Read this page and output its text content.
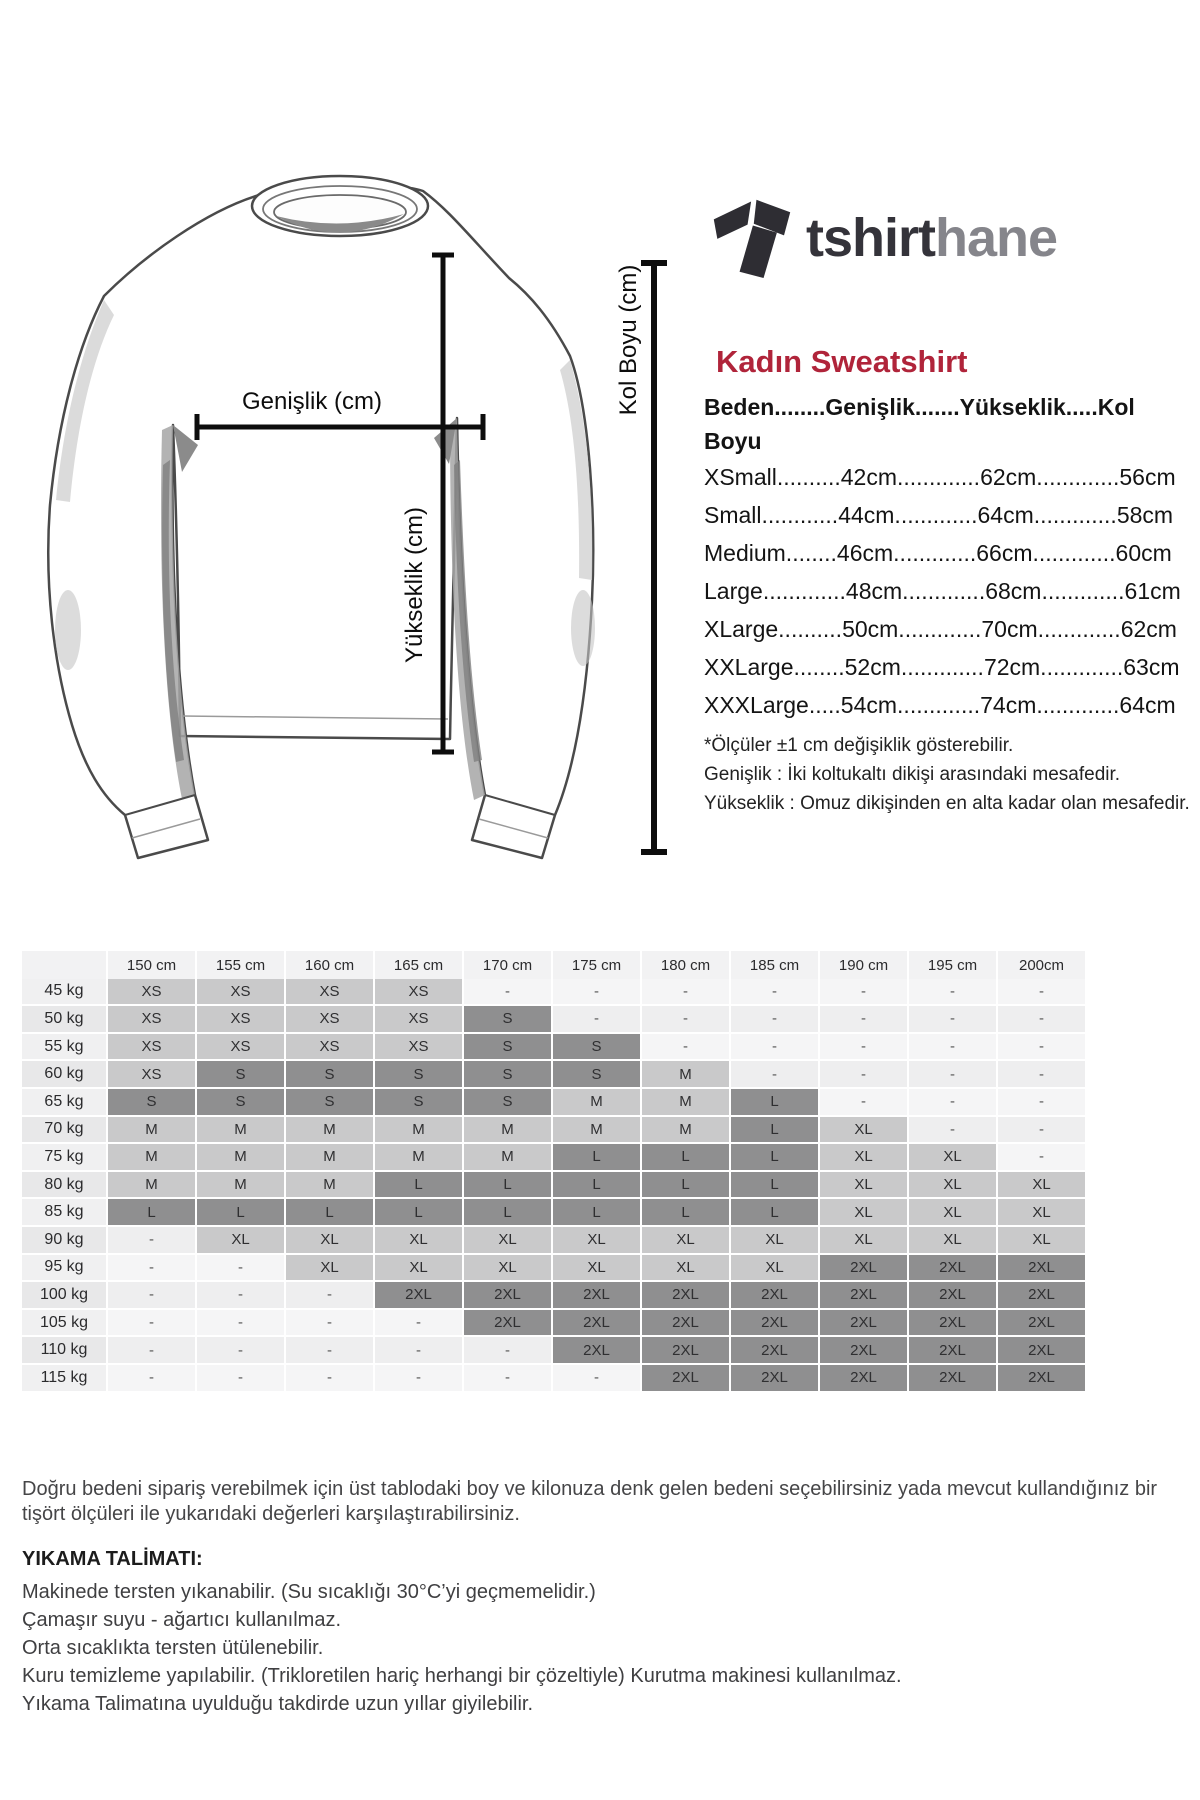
Genişlik (cm)
Yükseklik (cm)
Kol Boyu (cm)
tshirthane
Kadın Sweatshirt
Beden........Genişlik.......Yükseklik.....Kol Boyu
XSmall..........42cm.............62cm.............56cm
Small............44cm.............64cm.............58cm
Medium........46cm.............66cm.............60cm
Large.............48cm.............68cm.............61cm
XLarge..........50cm.............70cm.............62cm
XXLarge........52cm.............72cm.............63cm
XXXLarge.....54cm.............74cm.............64cm
*Ölçüler ±1 cm değişiklik gösterebilir.
Genişlik : İki koltukaltı dikişi arasındaki mesafedir.
Yükseklik : Omuz dikişinden en alta kadar olan mesafedir.
150 cm	155 cm	160 cm	165 cm	170 cm	175 cm	180 cm	185 cm	190 cm	195 cm	200cm
45 kg	XS	XS	XS	XS	-	-	-	-	-	-	-
50 kg	XS	XS	XS	XS	S	-	-	-	-	-	-
55 kg	XS	XS	XS	XS	S	S	-	-	-	-	-
60 kg	XS	S	S	S	S	S	M	-	-	-	-
65 kg	S	S	S	S	S	M	M	L	-	-	-
70 kg	M	M	M	M	M	M	M	L	XL	-	-
75 kg	M	M	M	M	M	L	L	L	XL	XL	-
80 kg	M	M	M	L	L	L	L	L	XL	XL	XL
85 kg	L	L	L	L	L	L	L	L	XL	XL	XL
90 kg	-	XL	XL	XL	XL	XL	XL	XL	XL	XL	XL
95 kg	-	-	XL	XL	XL	XL	XL	XL	2XL	2XL	2XL
100 kg	-	-	-	2XL	2XL	2XL	2XL	2XL	2XL	2XL	2XL
105 kg	-	-	-	-	2XL	2XL	2XL	2XL	2XL	2XL	2XL
110 kg	-	-	-	-	-	2XL	2XL	2XL	2XL	2XL	2XL
115 kg	-	-	-	-	-	-	2XL	2XL	2XL	2XL	2XL
Doğru bedeni sipariş verebilmek için üst tablodaki boy ve kilonuza denk gelen bedeni seçebilirsiniz yada mevcut kullandığınız bir tişört ölçüleri ile yukarıdaki değerleri karşılaştırabilirsiniz.
YIKAMA TALİMATI:
Makinede tersten yıkanabilir. (Su sıcaklığı 30°C’yi geçmemelidir.)
Çamaşır suyu - ağartıcı kullanılmaz.
Orta sıcaklıkta tersten ütülenebilir.
Kuru temizleme yapılabilir. (Trikloretilen hariç herhangi bir çözeltiyle) Kurutma makinesi kullanılmaz.
Yıkama Talimatına uyulduğu takdirde uzun yıllar giyilebilir.
